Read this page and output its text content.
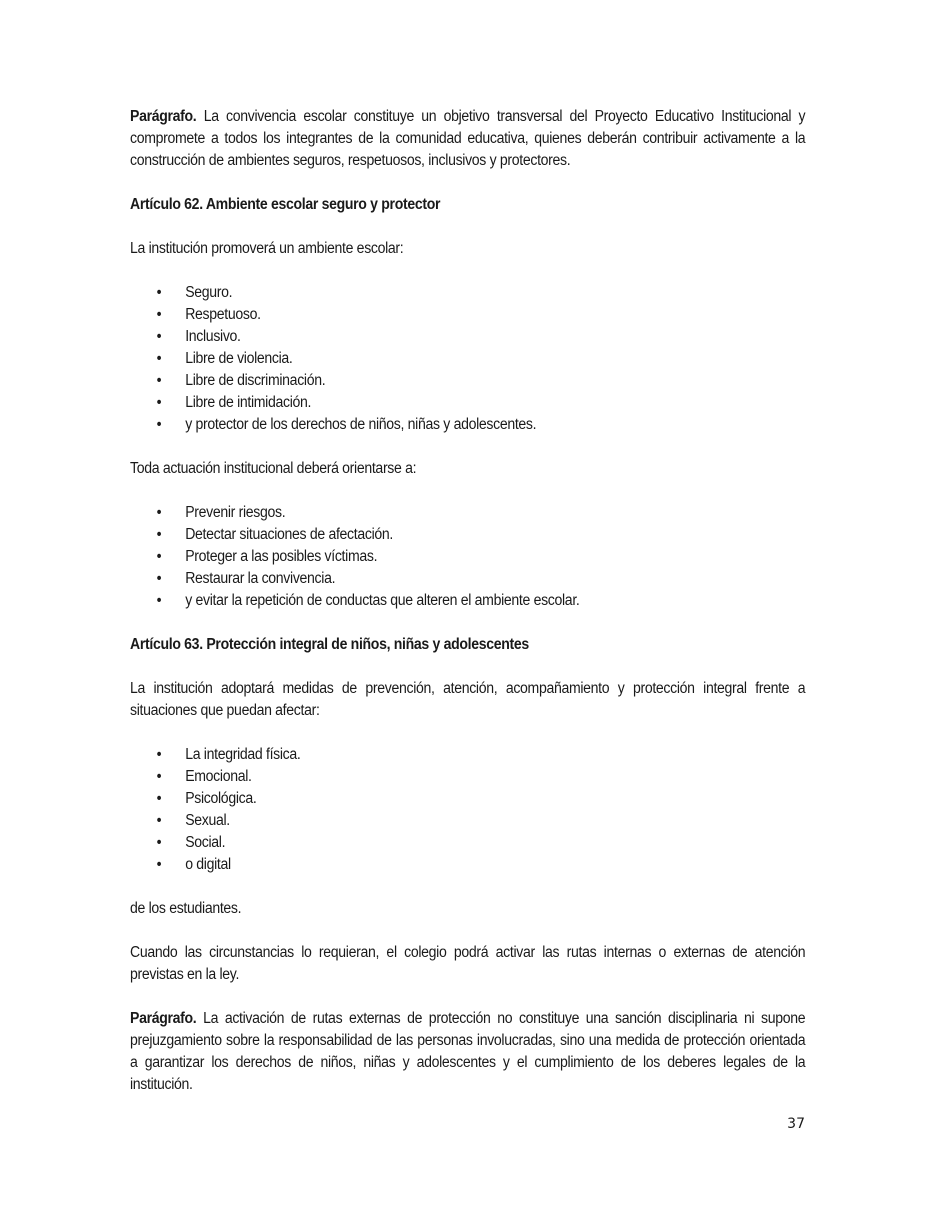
Parágrafo. La convivencia escolar constituye un objetivo transversal del Proyecto Educativo Institucional y compromete a todos los integrantes de la comunidad educativa, quienes deberán contribuir activamente a la construcción de ambientes seguros, respetuosos, inclusivos y protectores.

Artículo 62. Ambiente escolar seguro y protector

La institución promoverá un ambiente escolar:

• Seguro.
• Respetuoso.
• Inclusivo.
• Libre de violencia.
• Libre de discriminación.
• Libre de intimidación.
• y protector de los derechos de niños, niñas y adolescentes.

Toda actuación institucional deberá orientarse a:

• Prevenir riesgos.
• Detectar situaciones de afectación.
• Proteger a las posibles víctimas.
• Restaurar la convivencia.
• y evitar la repetición de conductas que alteren el ambiente escolar.

Artículo 63. Protección integral de niños, niñas y adolescentes

La institución adoptará medidas de prevención, atención, acompañamiento y protección integral frente a situaciones que puedan afectar:

• La integridad física.
• Emocional.
• Psicológica.
• Sexual.
• Social.
• o digital

de los estudiantes.

Cuando las circunstancias lo requieran, el colegio podrá activar las rutas internas o externas de atención previstas en la ley.

Parágrafo. La activación de rutas externas de protección no constituye una sanción disciplinaria ni supone prejuzgamiento sobre la responsabilidad de las personas involucradas, sino una medida de protección orientada a garantizar los derechos de niños, niñas y adolescentes y el cumplimiento de los deberes legales de la institución.

37
